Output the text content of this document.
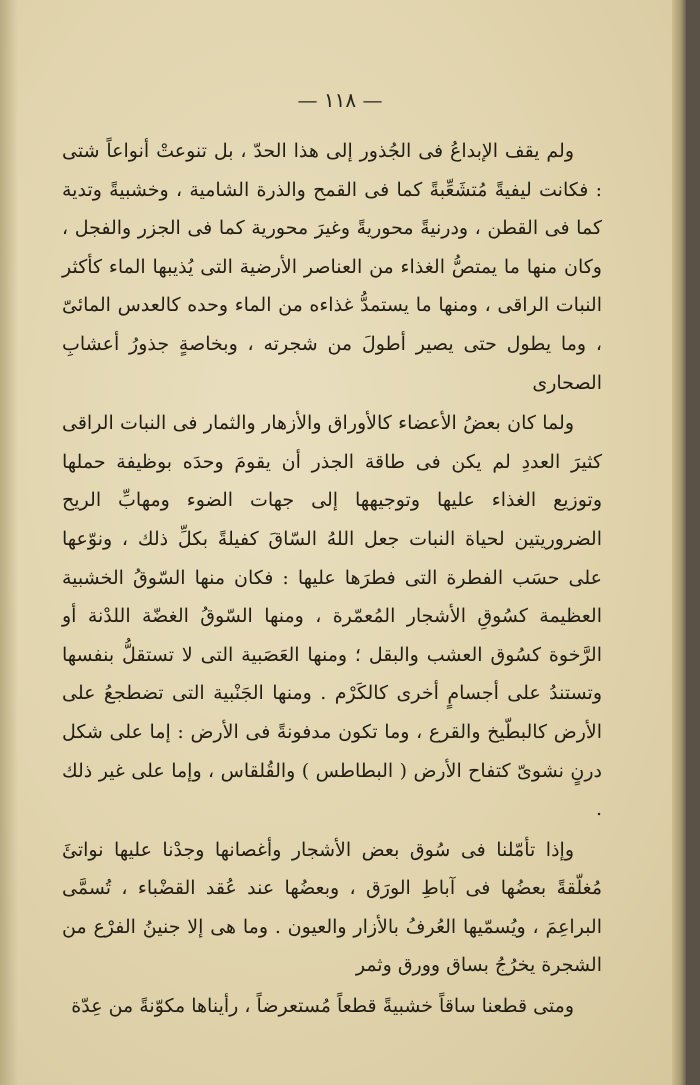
— ١١٨ —

ولم يقف الإبداعُ فى الجُذور إلى هذا الحدّ ، بل تنوعتْ أنواعاً شتى : فكانت ليفيةً مُتشَعِّبةً كما فى القمح والذرة الشامية ، وخشبيةً وتدية كما فى القطن ، ودرنيةً محوريةً وغيرَ محورية كما فى الجزر والفجل ، وكان منها ما يمتصُّ الغذاء من العناصر الأرضية التى يُذيبها الماء كأكثر النبات الراقى ، ومنها ما يستمدُّ غذاءه من الماء وحده كالعدس المائىّ ، وما يطول حتى يصير أطولَ من شجرته ، وبخاصةٍ جذورُ أعشابِ الصحارى

ولما كان بعضُ الأعضاء كالأوراق والأزهار والثمار فى النبات الراقى كثيرَ العددِ لم يكن فى طاقة الجذر أن يقومَ وحدَه بوظيفة حملها وتوزيع الغذاء عليها وتوجيهها إلى جهات الضوء ومهابِّ الريح الضروريتين لحياة النبات جعل اللهُ السّاقَ كفيلةً بكلِّ ذلك ، ونوّعها على حسَب الفطرة التى فطرَها عليها : فكان منها السّوقُ الخشبية العظيمة كسُوقِ الأشجار المُعمّرة ، ومنها السّوقُ الغضّة اللدْنة أو الرَّخوة كسُوق العشب والبقل ؛ ومنها العَصَبية التى لا تستقلُّ بنفسها وتستندُ على أجسامٍ أخرى كالكَرْم . ومنها الجَنْبية التى تضطجعُ على الأرض كالبطّيخ والقرع ، وما تكون مدفونةً فى الأرض : إما على شكل درنٍ نشوىّ كتفاح الأرض ( البطاطس ) والقُلقاس ، وإما على غير ذلك .

وإذا تأمّلنا فى سُوق بعض الأشجار وأغصانها وجدْنا عليها نواتئَ مُغلّقةً بعضُها فى آباطِ الورَق ، وبعضُها عند عُقد القضْباء ، تُسمَّى البراعِمَ ، ويُسمّيها العُرفُ بالأزار والعيون . وما هى إلا جنينُ الفرْع من الشجرة يخرُجُ بساق وورق وثمر

ومتى قطعنا ساقاً خشبيةً قطعاً مُستعرضاً ، رأيناها مكوّنةً من عِدّة
